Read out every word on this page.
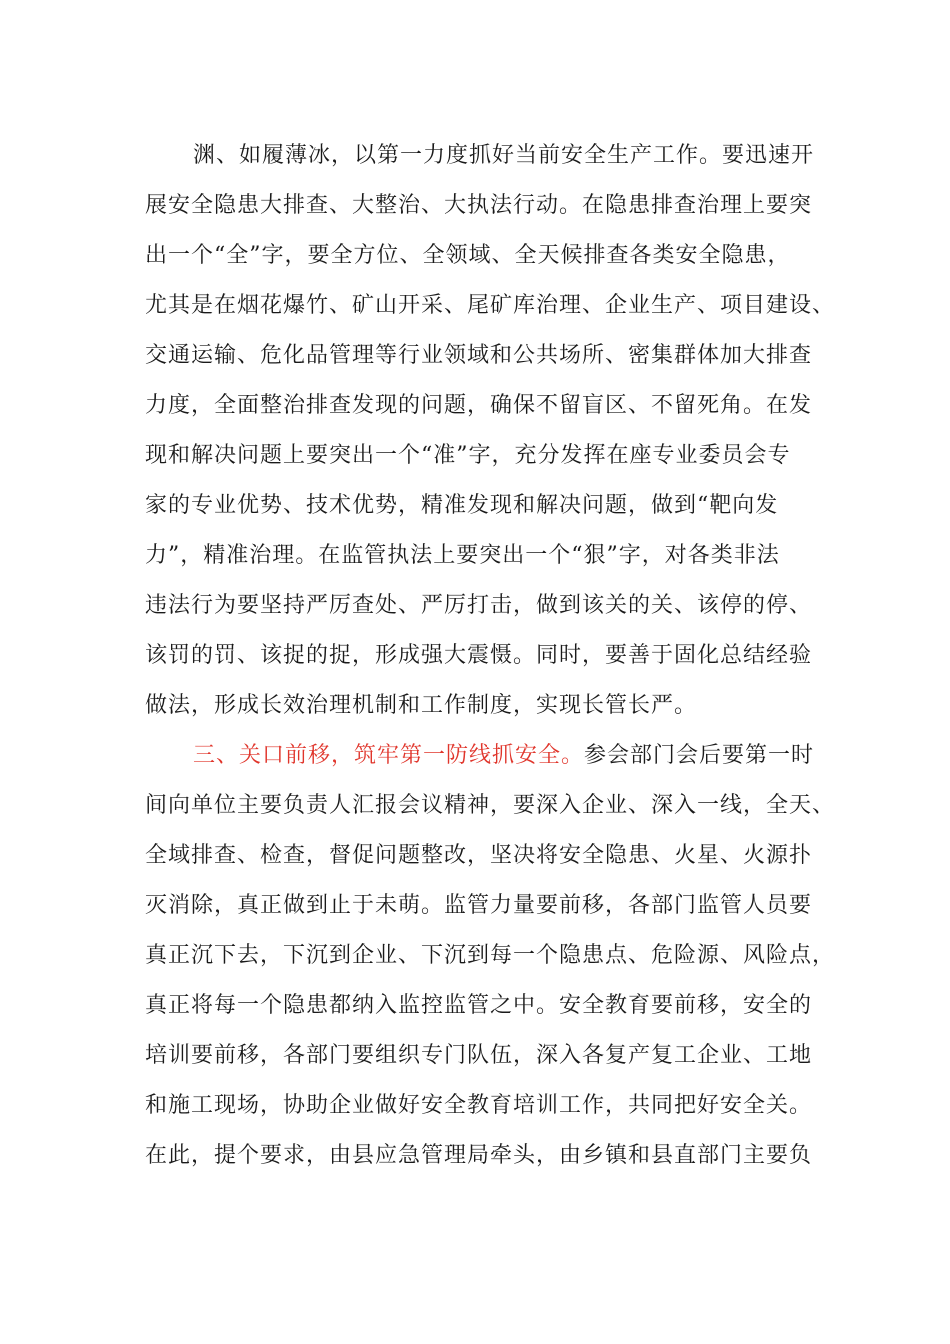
渊、如履薄冰，以第一力度抓好当前安全生产工作。要迅速开
展安全隐患大排查、大整治、大执法行动。在隐患排查治理上要突
出一个“全”字，要全方位、全领域、全天候排查各类安全隐患，
尤其是在烟花爆竹、矿山开采、尾矿库治理、企业生产、项目建设、
交通运输、危化品管理等行业领域和公共场所、密集群体加大排查
力度，全面整治排查发现的问题，确保不留盲区、不留死角。在发
现和解决问题上要突出一个“准”字，充分发挥在座专业委员会专
家的专业优势、技术优势，精准发现和解决问题，做到“靶向发
力”，精准治理。在监管执法上要突出一个“狠”字，对各类非法
违法行为要坚持严厉查处、严厉打击，做到该关的关、该停的停、
该罚的罚、该捉的捉，形成强大震慑。同时，要善于固化总结经验
做法，形成长效治理机制和工作制度，实现长管长严。
三、关口前移，筑牢第一防线抓安全。参会部门会后要第一时
间向单位主要负责人汇报会议精神，要深入企业、深入一线，全天、
全域排查、检查，督促问题整改，坚决将安全隐患、火星、火源扑
灭消除，真正做到止于未萌。监管力量要前移，各部门监管人员要
真正沉下去，下沉到企业、下沉到每一个隐患点、危险源、风险点，
真正将每一个隐患都纳入监控监管之中。安全教育要前移，安全的
培训要前移，各部门要组织专门队伍，深入各复产复工企业、工地
和施工现场，协助企业做好安全教育培训工作，共同把好安全关。
在此，提个要求，由县应急管理局牵头，由乡镇和县直部门主要负
